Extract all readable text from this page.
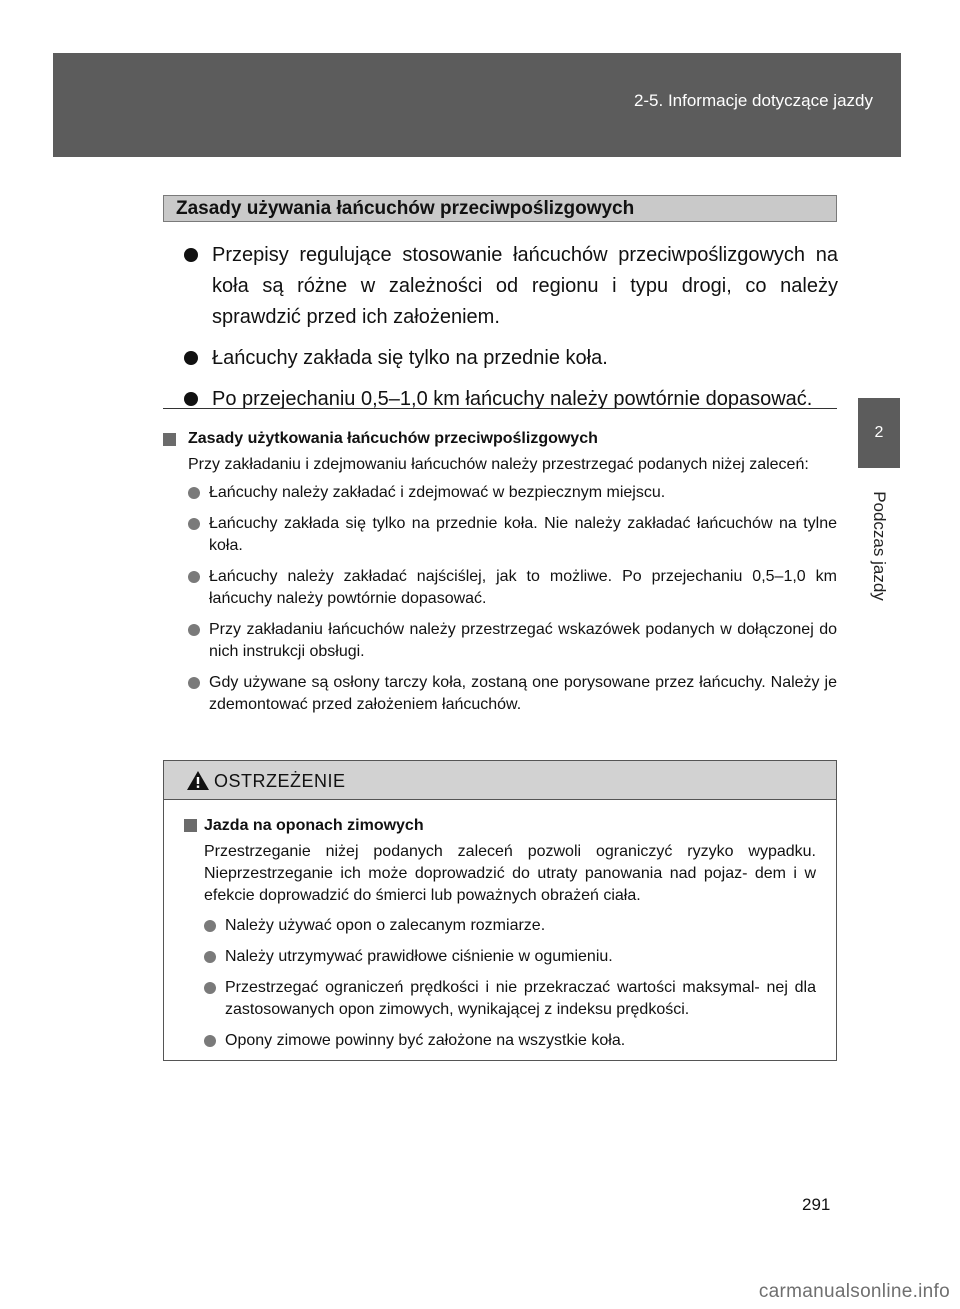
2-5. Informacje dotyczące jazdy
2
Podczas jazdy
Zasady używania łańcuchów przeciwpoślizgowych
Przepisy regulujące stosowanie łańcuchów przeciwpoślizgowych na koła są różne w zależności od regionu i typu drogi, co należy sprawdzić przed ich założeniem.
Łańcuchy zakłada się tylko na przednie koła.
Po przejechaniu 0,5–1,0 km łańcuchy należy powtórnie dopasować.
Zasady użytkowania łańcuchów przeciwpoślizgowych
Przy zakładaniu i zdejmowaniu łańcuchów należy przestrzegać podanych niżej zaleceń:
Łańcuchy należy zakładać i zdejmować w bezpiecznym miejscu.
Łańcuchy zakłada się tylko na przednie koła. Nie należy zakładać łańcuchów na tylne koła.
Łańcuchy należy zakładać najściślej, jak to możliwe. Po przejechaniu 0,5–1,0 km łańcuchy należy powtórnie dopasować.
Przy zakładaniu łańcuchów należy przestrzegać wskazówek podanych w dołączonej do nich instrukcji obsługi.
Gdy używane są osłony tarczy koła, zostaną one porysowane przez łańcuchy. Należy je zdemontować przed założeniem łańcuchów.
OSTRZEŻENIE
Jazda na oponach zimowych
Przestrzeganie niżej podanych zaleceń pozwoli ograniczyć ryzyko wypadku. Nieprzestrzeganie ich może doprowadzić do utraty panowania nad pojaz- dem i w efekcie doprowadzić do śmierci lub poważnych obrażeń ciała.
Należy używać opon o zalecanym rozmiarze.
Należy utrzymywać prawidłowe ciśnienie w ogumieniu.
Przestrzegać ograniczeń prędkości i nie przekraczać wartości maksymal- nej dla zastosowanych opon zimowych, wynikającej z indeksu prędkości.
Opony zimowe powinny być założone na wszystkie koła.
291
carmanualsonline.info
